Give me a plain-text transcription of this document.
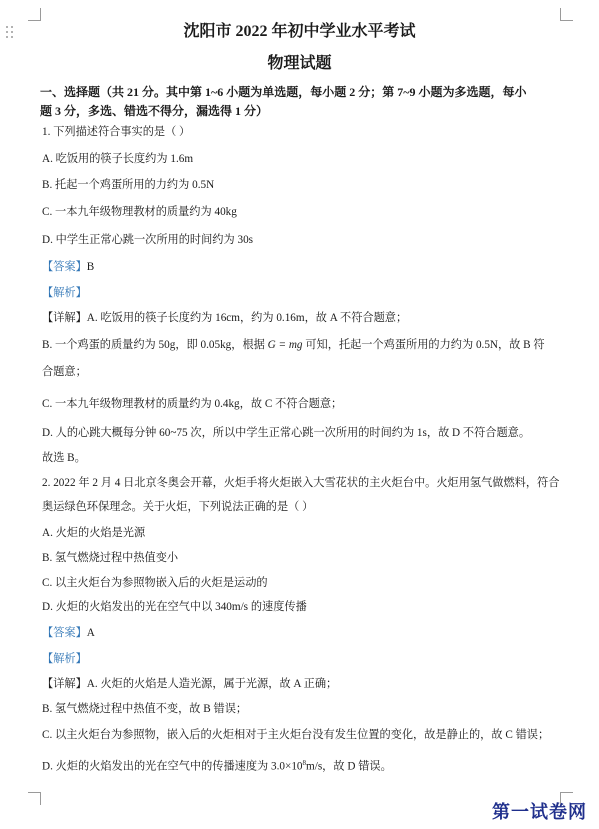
沈阳市 2022 年初中学业水平考试
物理试题
一、选择题（共 21 分。其中第 1~6 小题为单选题，每小题 2 分；第 7~9 小题为多选题，每小
题 3 分，多选、错选不得分，漏选得 1 分）
1. 下列描述符合事实的是（ ）
A. 吃饭用的筷子长度约为 1.6m
B. 托起一个鸡蛋所用的力约为 0.5N
C. 一本九年级物理教材的质量约为 40kg
D. 中学生正常心跳一次所用的时间约为 30s
【答案】B
【解析】
【详解】A. 吃饭用的筷子长度约为 16cm，约为 0.16m，故 A 不符合题意；
B. 一个鸡蛋的质量约为 50g，即 0.05kg，根据 G = mg 可知，托起一个鸡蛋所用的力约为 0.5N，故 B 符
合题意；
C. 一本九年级物理教材的质量约为 0.4kg，故 C 不符合题意；
D. 人的心跳大概每分钟 60~75 次，所以中学生正常心跳一次所用的时间约为 1s，故 D 不符合题意。
故选 B。
2. 2022 年 2 月 4 日北京冬奥会开幕，火炬手将火炬嵌入大雪花状的主火炬台中。火炬用氢气做燃料，符合
奥运绿色环保理念。关于火炬，下列说法正确的是（ ）
A. 火炬的火焰是光源
B. 氢气燃烧过程中热值变小
C. 以主火炬台为参照物嵌入后的火炬是运动的
D. 火炬的火焰发出的光在空气中以 340m/s 的速度传播
【答案】A
【解析】
【详解】A. 火炬的火焰是人造光源，属于光源，故 A 正确；
B. 氢气燃烧过程中热值不变，故 B 错误；
C. 以主火炬台为参照物，嵌入后的火炬相对于主火炬台没有发生位置的变化，故是静止的，故 C 错误；
D. 火炬的火焰发出的光在空气中的传播速度为 $3.0\times 10^8m/s$，故 D 错误。
第一试卷网
